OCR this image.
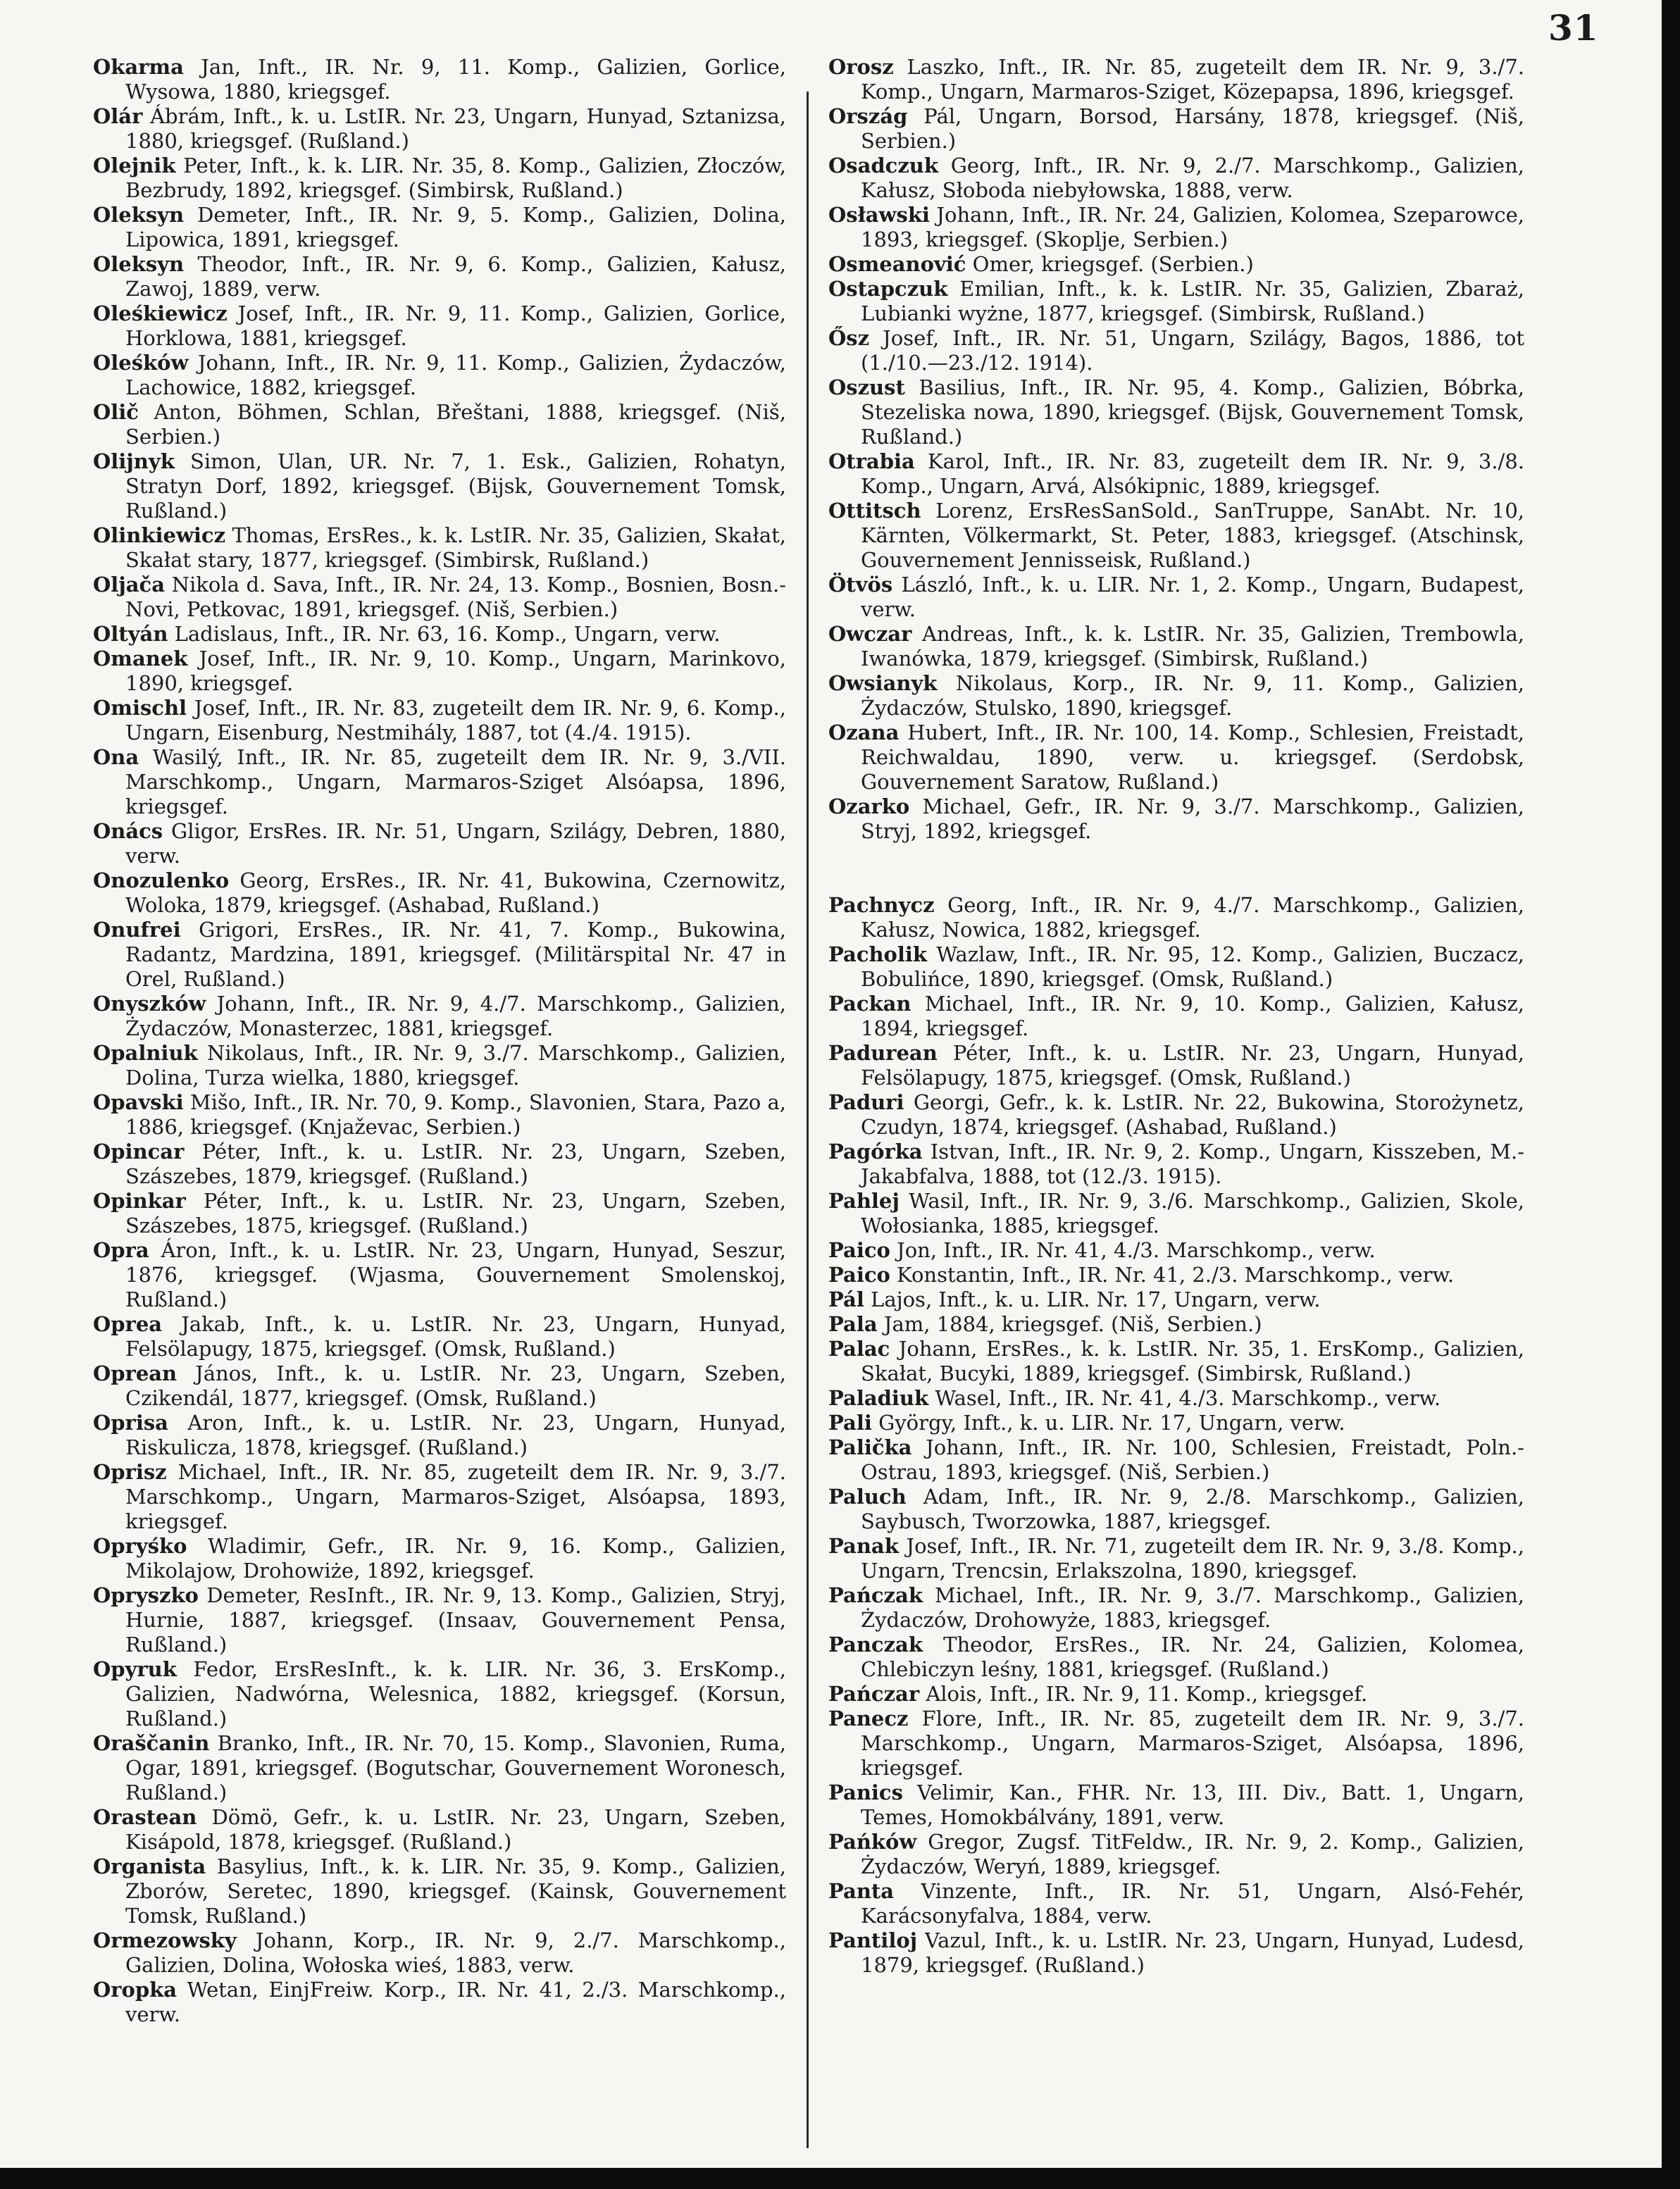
31

Okarma Jan, Inft., IR. Nr. 9, 11. Komp., Galizien, Gorlice, Wysowa, 1880, kriegsgef.

Olár Ábrám, Inft., k. u. LstIR. Nr. 23, Ungarn, Hunyad, Sztanizsa, 1880, kriegsgef. (Rußland.)

Olejnik Peter, Inft., k. k. LIR. Nr. 35, 8. Komp., Galizien, Złoczów, Bezbrudy, 1892, kriegsgef. (Simbirsk, Rußland.)

Oleksyn Demeter, Inft., IR. Nr. 9, 5. Komp., Galizien, Dolina, Lipowica, 1891, kriegsgef.

Oleksyn Theodor, Inft., IR. Nr. 9, 6. Komp., Galizien, Kałusz, Zawoj, 1889, verw.

Oleśkiewicz Josef, Inft., IR. Nr. 9, 11. Komp., Galizien, Gorlice, Horklowa, 1881, kriegsgef.

Oleśków Johann, Inft., IR. Nr. 9, 11. Komp., Galizien, Żydaczów, Lachowice, 1882, kriegsgef.

Olič Anton, Böhmen, Schlan, Břeštani, 1888, kriegsgef. (Niš, Serbien.)

Olijnyk Simon, Ulan, UR. Nr. 7, 1. Esk., Galizien, Rohatyn, Stratyn Dorf, 1892, kriegsgef. (Bijsk, Gouvernement Tomsk, Rußland.)

Olinkiewicz Thomas, ErsRes., k. k. LstIR. Nr. 35, Galizien, Skałat, Skałat stary, 1877, kriegsgef. (Simbirsk, Rußland.)

Oljača Nikola d. Sava, Inft., IR. Nr. 24, 13. Komp., Bosnien, Bosn.-Novi, Petkovac, 1891, kriegsgef. (Niš, Serbien.)

Oltyán Ladislaus, Inft., IR. Nr. 63, 16. Komp., Ungarn, verw.

Omanek Josef, Inft., IR. Nr. 9, 10. Komp., Ungarn, Marinkovo, 1890, kriegsgef.

Omischl Josef, Inft., IR. Nr. 83, zugeteilt dem IR. Nr. 9, 6. Komp., Ungarn, Eisenburg, Nestmihály, 1887, tot (4./4. 1915).

Ona Wasilý, Inft., IR. Nr. 85, zugeteilt dem IR. Nr. 9, 3./VII. Marschkomp., Ungarn, Marmaros-Sziget Alsóapsa, 1896, kriegsgef.

Onács Gligor, ErsRes. IR. Nr. 51, Ungarn, Szilágy, Debren, 1880, verw.

Onozulenko Georg, ErsRes., IR. Nr. 41, Bukowina, Czernowitz, Woloka, 1879, kriegsgef. (Ashabad, Rußland.)

Onufrei Grigori, ErsRes., IR. Nr. 41, 7. Komp., Bukowina, Radantz, Mardzina, 1891, kriegsgef. (Militärspital Nr. 47 in Orel, Rußland.)

Onyszków Johann, Inft., IR. Nr. 9, 4./7. Marschkomp., Galizien, Żydaczów, Monasterzec, 1881, kriegsgef.

Opalniuk Nikolaus, Inft., IR. Nr. 9, 3./7. Marschkomp., Galizien, Dolina, Turza wielka, 1880, kriegsgef.

Opavski Mišo, Inft., IR. Nr. 70, 9. Komp., Slavonien, Stara, Pazo a, 1886, kriegsgef. (Knjaževac, Serbien.)

Opincar Péter, Inft., k. u. LstIR. Nr. 23, Ungarn, Szeben, Szászebes, 1879, kriegsgef. (Rußland.)

Opinkar Péter, Inft., k. u. LstIR. Nr. 23, Ungarn, Szeben, Szászebes, 1875, kriegsgef. (Rußland.)

Opra Áron, Inft., k. u. LstIR. Nr. 23, Ungarn, Hunyad, Seszur, 1876, kriegsgef. (Wjasma, Gouvernement Smolenskoj, Rußland.)

Oprea Jakab, Inft., k. u. LstIR. Nr. 23, Ungarn, Hunyad, Felsölapugy, 1875, kriegsgef. (Omsk, Rußland.)

Oprean János, Inft., k. u. LstIR. Nr. 23, Ungarn, Szeben, Czikendál, 1877, kriegsgef. (Omsk, Rußland.)

Oprisa Aron, Inft., k. u. LstIR. Nr. 23, Ungarn, Hunyad, Riskulicza, 1878, kriegsgef. (Rußland.)

Oprisz Michael, Inft., IR. Nr. 85, zugeteilt dem IR. Nr. 9, 3./7. Marschkomp., Ungarn, Marmaros-Sziget, Alsóapsa, 1893, kriegsgef.

Opryśko Wladimir, Gefr., IR. Nr. 9, 16. Komp., Galizien, Mikolajow, Drohowiże, 1892, kriegsgef.

Opryszko Demeter, ResInft., IR. Nr. 9, 13. Komp., Galizien, Stryj, Hurnie, 1887, kriegsgef. (Insaav, Gouvernement Pensa, Rußland.)

Opyruk Fedor, ErsResInft., k. k. LIR. Nr. 36, 3. ErsKomp., Galizien, Nadwórna, Welesnica, 1882, kriegsgef. (Korsun, Rußland.)

Oraščanin Branko, Inft., IR. Nr. 70, 15. Komp., Slavonien, Ruma, Ogar, 1891, kriegsgef. (Bogutschar, Gouvernement Woronesch, Rußland.)

Orastean Dömö, Gefr., k. u. LstIR. Nr. 23, Ungarn, Szeben, Kisápold, 1878, kriegsgef. (Rußland.)

Organista Basylius, Inft., k. k. LIR. Nr. 35, 9. Komp., Galizien, Zborów, Seretec, 1890, kriegsgef. (Kainsk, Gouvernement Tomsk, Rußland.)

Ormezowsky Johann, Korp., IR. Nr. 9, 2./7. Marschkomp., Galizien, Dolina, Wołoska wieś, 1883, verw.

Oropka Wetan, EinjFreiw. Korp., IR. Nr. 41, 2./3. Marschkomp., verw.

Orosz Laszko, Inft., IR. Nr. 85, zugeteilt dem IR. Nr. 9, 3./7. Komp., Ungarn, Marmaros-Sziget, Közepapsa, 1896, kriegsgef.

Ország Pál, Ungarn, Borsod, Harsány, 1878, kriegsgef. (Niš, Serbien.)

Osadczuk Georg, Inft., IR. Nr. 9, 2./7. Marschkomp., Galizien, Kałusz, Słoboda niebyłowska, 1888, verw.

Osławski Johann, Inft., IR. Nr. 24, Galizien, Kolomea, Szeparowce, 1893, kriegsgef. (Skoplje, Serbien.)

Osmeanović Omer, kriegsgef. (Serbien.)

Ostapczuk Emilian, Inft., k. k. LstIR. Nr. 35, Galizien, Zbaraż, Lubianki wyżne, 1877, kriegsgef. (Simbirsk, Rußland.)

Ősz Josef, Inft., IR. Nr. 51, Ungarn, Szilágy, Bagos, 1886, tot (1./10.—23./12. 1914).

Oszust Basilius, Inft., IR. Nr. 95, 4. Komp., Galizien, Bóbrka, Stezeliska nowa, 1890, kriegsgef. (Bijsk, Gouvernement Tomsk, Rußland.)

Otrabia Karol, Inft., IR. Nr. 83, zugeteilt dem IR. Nr. 9, 3./8. Komp., Ungarn, Arvá, Alsókipnic, 1889, kriegsgef.

Ottitsch Lorenz, ErsResSanSold., SanTruppe, SanAbt. Nr. 10, Kärnten, Völkermarkt, St. Peter, 1883, kriegsgef. (Atschinsk, Gouvernement Jennisseisk, Rußland.)

Ötvös László, Inft., k. u. LIR. Nr. 1, 2. Komp., Ungarn, Budapest, verw.

Owczar Andreas, Inft., k. k. LstIR. Nr. 35, Galizien, Trembowla, Iwanówka, 1879, kriegsgef. (Simbirsk, Rußland.)

Owsianyk Nikolaus, Korp., IR. Nr. 9, 11. Komp., Galizien, Żydaczów, Stulsko, 1890, kriegsgef.

Ozana Hubert, Inft., IR. Nr. 100, 14. Komp., Schlesien, Freistadt, Reichwaldau, 1890, verw. u. kriegsgef. (Serdobsk, Gouvernement Saratow, Rußland.)

Ozarko Michael, Gefr., IR. Nr. 9, 3./7. Marschkomp., Galizien, Stryj, 1892, kriegsgef.

Pachnycz Georg, Inft., IR. Nr. 9, 4./7. Marschkomp., Galizien, Kałusz, Nowica, 1882, kriegsgef.

Pacholik Wazlaw, Inft., IR. Nr. 95, 12. Komp., Galizien, Buczacz, Bobulińce, 1890, kriegsgef. (Omsk, Rußland.)

Packan Michael, Inft., IR. Nr. 9, 10. Komp., Galizien, Kałusz, 1894, kriegsgef.

Padurean Péter, Inft., k. u. LstIR. Nr. 23, Ungarn, Hunyad, Felsölapugy, 1875, kriegsgef. (Omsk, Rußland.)

Paduri Georgi, Gefr., k. k. LstIR. Nr. 22, Bukowina, Storożynetz, Czudyn, 1874, kriegsgef. (Ashabad, Rußland.)

Pagórka Istvan, Inft., IR. Nr. 9, 2. Komp., Ungarn, Kisszeben, M.-Jakabfalva, 1888, tot (12./3. 1915).

Pahlej Wasil, Inft., IR. Nr. 9, 3./6. Marschkomp., Galizien, Skole, Wołosianka, 1885, kriegsgef.

Paico Jon, Inft., IR. Nr. 41, 4./3. Marschkomp., verw.

Paico Konstantin, Inft., IR. Nr. 41, 2./3. Marschkomp., verw.

Pál Lajos, Inft., k. u. LIR. Nr. 17, Ungarn, verw.

Pala Jam, 1884, kriegsgef. (Niš, Serbien.)

Palac Johann, ErsRes., k. k. LstIR. Nr. 35, 1. ErsKomp., Galizien, Skałat, Bucyki, 1889, kriegsgef. (Simbirsk, Rußland.)

Paladiuk Wasel, Inft., IR. Nr. 41, 4./3. Marschkomp., verw.

Pali György, Inft., k. u. LIR. Nr. 17, Ungarn, verw.

Palička Johann, Inft., IR. Nr. 100, Schlesien, Freistadt, Poln.-Ostrau, 1893, kriegsgef. (Niš, Serbien.)

Paluch Adam, Inft., IR. Nr. 9, 2./8. Marschkomp., Galizien, Saybusch, Tworzowka, 1887, kriegsgef.

Panak Josef, Inft., IR. Nr. 71, zugeteilt dem IR. Nr. 9, 3./8. Komp., Ungarn, Trencsin, Erlakszolna, 1890, kriegsgef.

Pańczak Michael, Inft., IR. Nr. 9, 3./7. Marschkomp., Galizien, Żydaczów, Drohowyże, 1883, kriegsgef.

Panczak Theodor, ErsRes., IR. Nr. 24, Galizien, Kolomea, Chlebiczyn leśny, 1881, kriegsgef. (Rußland.)

Pańczar Alois, Inft., IR. Nr. 9, 11. Komp., kriegsgef.

Panecz Flore, Inft., IR. Nr. 85, zugeteilt dem IR. Nr. 9, 3./7. Marschkomp., Ungarn, Marmaros-Sziget, Alsóapsa, 1896, kriegsgef.

Panics Velimir, Kan., FHR. Nr. 13, III. Div., Batt. 1, Ungarn, Temes, Homokbálvány, 1891, verw.

Pańków Gregor, Zugsf. TitFeldw., IR. Nr. 9, 2. Komp., Galizien, Żydaczów, Weryń, 1889, kriegsgef.

Panta Vinzente, Inft., IR. Nr. 51, Ungarn, Alsó-Fehér, Karácsonyfalva, 1884, verw.

Pantiloj Vazul, Inft., k. u. LstIR. Nr. 23, Ungarn, Hunyad, Ludesd, 1879, kriegsgef. (Rußland.)
